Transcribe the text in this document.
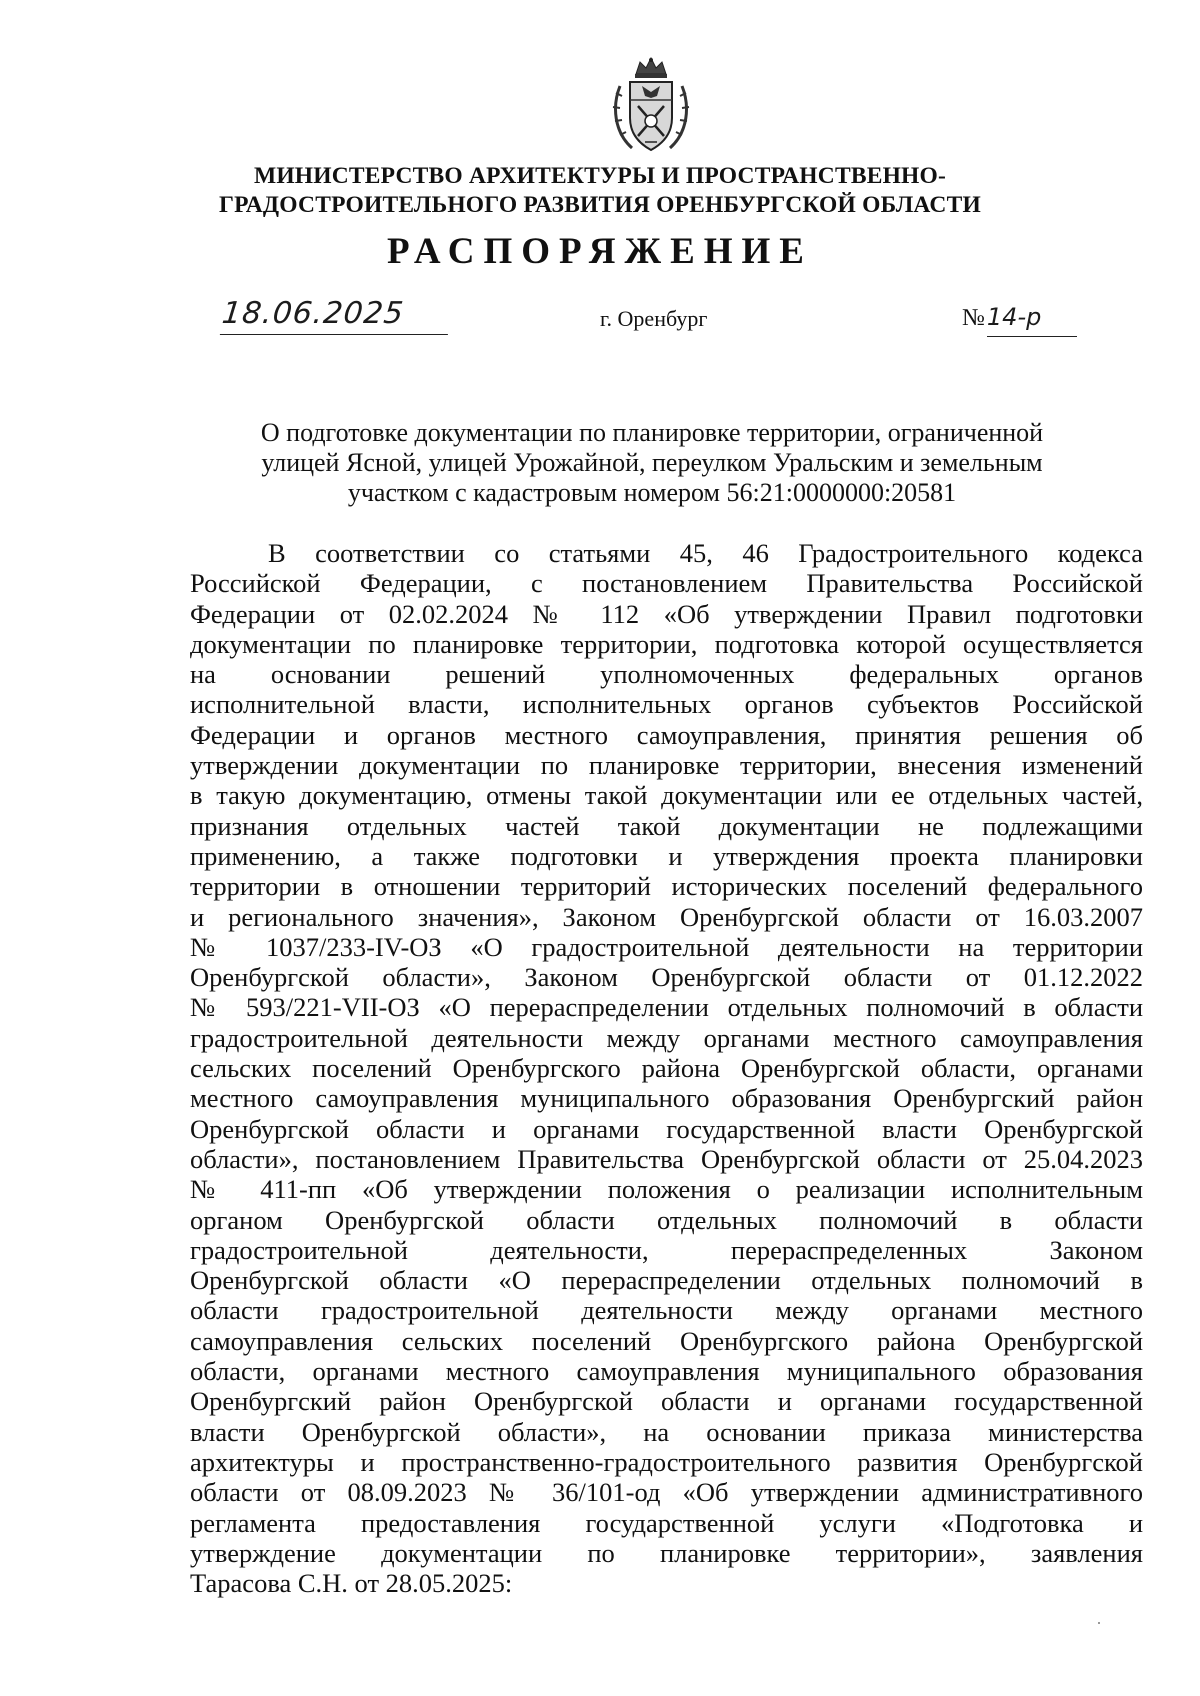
МИНИСТЕРСТВО АРХИТЕКТУРЫ И ПРОСТРАНСТВЕННО-
ГРАДОСТРОИТЕЛЬНОГО РАЗВИТИЯ ОРЕНБУРГСКОЙ ОБЛАСТИ
РАСПОРЯЖЕНИЕ
18.06.2025	г. Оренбург	№14-р
О подготовке документации по планировке территории, ограниченной
улицей Ясной, улицей Урожайной, переулком Уральским и земельным
участком с кадастровым номером 56:21:0000000:20581
В соответствии со статьями 45, 46 Градостроительного кодекса
Российской Федерации, с постановлением Правительства Российской
Федерации от 02.02.2024 № 112 «Об утверждении Правил подготовки
документации по планировке территории, подготовка которой осуществляется
на основании решений уполномоченных федеральных органов
исполнительной власти, исполнительных органов субъектов Российской
Федерации и органов местного самоуправления, принятия решения об
утверждении документации по планировке территории, внесения изменений
в такую документацию, отмены такой документации или ее отдельных частей,
признания отдельных частей такой документации не подлежащими
применению, а также подготовки и утверждения проекта планировки
территории в отношении территорий исторических поселений федерального
и регионального значения», Законом Оренбургской области от 16.03.2007
№ 1037/233-IV-ОЗ «О градостроительной деятельности на территории
Оренбургской области», Законом Оренбургской области от 01.12.2022
№ 593/221-VII-ОЗ «О перераспределении отдельных полномочий в области
градостроительной деятельности между органами местного самоуправления
сельских поселений Оренбургского района Оренбургской области, органами
местного самоуправления муниципального образования Оренбургский район
Оренбургской области и органами государственной власти Оренбургской
области», постановлением Правительства Оренбургской области от 25.04.2023
№ 411-пп «Об утверждении положения о реализации исполнительным
органом Оренбургской области отдельных полномочий в области
градостроительной деятельности, перераспределенных Законом
Оренбургской области «О перераспределении отдельных полномочий в
области градостроительной деятельности между органами местного
самоуправления сельских поселений Оренбургского района Оренбургской
области, органами местного самоуправления муниципального образования
Оренбургский район Оренбургской области и органами государственной
власти Оренбургской области», на основании приказа министерства
архитектуры и пространственно-градостроительного развития Оренбургской
области от 08.09.2023 № 36/101-од «Об утверждении административного
регламента предоставления государственной услуги «Подготовка и
утверждение документации по планировке территории», заявления
Тарасова С.Н. от 28.05.2025:
